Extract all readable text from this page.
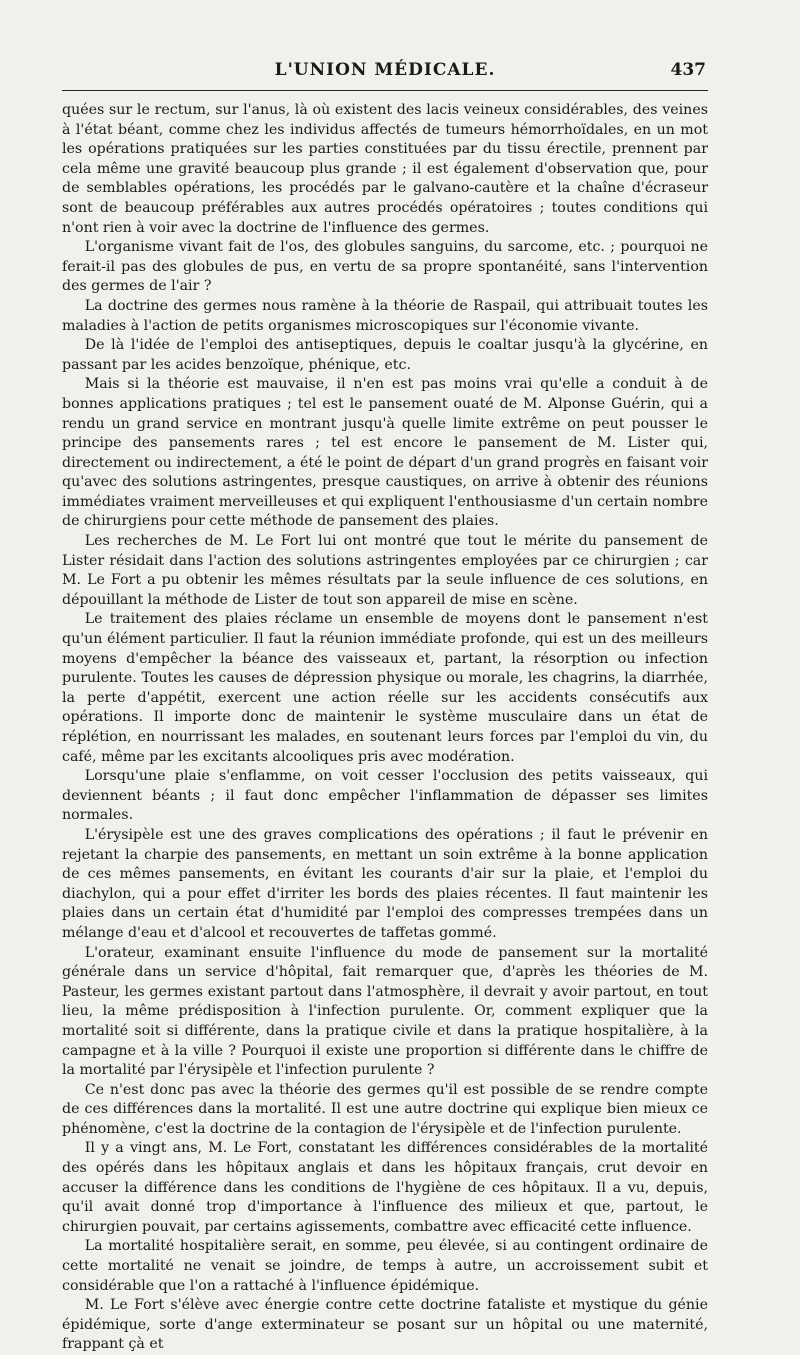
L'UNION MÉDICALE.	437

quées sur le rectum, sur l'anus, là où existent des lacis veineux considérables, des veines à l'état béant, comme chez les individus affectés de tumeurs hémorrhoïdales, en un mot les opérations pratiquées sur les parties constituées par du tissu érectile, prennent par cela même une gravité beaucoup plus grande ; il est également d'observation que, pour de semblables opérations, les procédés par le galvano-cautère et la chaîne d'écraseur sont de beaucoup préférables aux autres procédés opératoires ; toutes conditions qui n'ont rien à voir avec la doctrine de l'influence des germes.

L'organisme vivant fait de l'os, des globules sanguins, du sarcome, etc. ; pourquoi ne ferait-il pas des globules de pus, en vertu de sa propre spontanéité, sans l'intervention des germes de l'air ?

La doctrine des germes nous ramène à la théorie de Raspail, qui attribuait toutes les maladies à l'action de petits organismes microscopiques sur l'économie vivante.

De là l'idée de l'emploi des antiseptiques, depuis le coaltar jusqu'à la glycérine, en passant par les acides benzoïque, phénique, etc.

Mais si la théorie est mauvaise, il n'en est pas moins vrai qu'elle a conduit à de bonnes applications pratiques ; tel est le pansement ouaté de M. Alponse Guérin, qui a rendu un grand service en montrant jusqu'à quelle limite extrême on peut pousser le principe des pansements rares ; tel est encore le pansement de M. Lister qui, directement ou indirectement, a été le point de départ d'un grand progrès en faisant voir qu'avec des solutions astringentes, presque caustiques, on arrive à obtenir des réunions immédiates vraiment merveilleuses et qui expliquent l'enthousiasme d'un certain nombre de chirurgiens pour cette méthode de pansement des plaies.

Les recherches de M. Le Fort lui ont montré que tout le mérite du pansement de Lister résidait dans l'action des solutions astringentes employées par ce chirurgien ; car M. Le Fort a pu obtenir les mêmes résultats par la seule influence de ces solutions, en dépouillant la méthode de Lister de tout son appareil de mise en scène.

Le traitement des plaies réclame un ensemble de moyens dont le pansement n'est qu'un élément particulier. Il faut la réunion immédiate profonde, qui est un des meilleurs moyens d'empêcher la béance des vaisseaux et, partant, la résorption ou infection purulente. Toutes les causes de dépression physique ou morale, les chagrins, la diarrhée, la perte d'appétit, exercent une action réelle sur les accidents consécutifs aux opérations. Il importe donc de maintenir le système musculaire dans un état de réplétion, en nourrissant les malades, en soutenant leurs forces par l'emploi du vin, du café, même par les excitants alcooliques pris avec modération.

Lorsqu'une plaie s'enflamme, on voit cesser l'occlusion des petits vaisseaux, qui deviennent béants ; il faut donc empêcher l'inflammation de dépasser ses limites normales.

L'érysipèle est une des graves complications des opérations ; il faut le prévenir en rejetant la charpie des pansements, en mettant un soin extrême à la bonne application de ces mêmes pansements, en évitant les courants d'air sur la plaie, et l'emploi du diachylon, qui a pour effet d'irriter les bords des plaies récentes. Il faut maintenir les plaies dans un certain état d'humidité par l'emploi des compresses trempées dans un mélange d'eau et d'alcool et recouvertes de taffetas gommé.

L'orateur, examinant ensuite l'influence du mode de pansement sur la mortalité générale dans un service d'hôpital, fait remarquer que, d'après les théories de M. Pasteur, les germes existant partout dans l'atmosphère, il devrait y avoir partout, en tout lieu, la même prédisposition à l'infection purulente. Or, comment expliquer que la mortalité soit si différente, dans la pratique civile et dans la pratique hospitalière, à la campagne et à la ville ? Pourquoi il existe une proportion si différente dans le chiffre de la mortalité par l'érysipèle et l'infection purulente ?

Ce n'est donc pas avec la théorie des germes qu'il est possible de se rendre compte de ces différences dans la mortalité. Il est une autre doctrine qui explique bien mieux ce phénomène, c'est la doctrine de la contagion de l'érysipèle et de l'infection purulente.

Il y a vingt ans, M. Le Fort, constatant les différences considérables de la mortalité des opérés dans les hôpitaux anglais et dans les hôpitaux français, crut devoir en accuser la différence dans les conditions de l'hygiène de ces hôpitaux. Il a vu, depuis, qu'il avait donné trop d'importance à l'influence des milieux et que, partout, le chirurgien pouvait, par certains agissements, combattre avec efficacité cette influence.

La mortalité hospitalière serait, en somme, peu élevée, si au contingent ordinaire de cette mortalité ne venait se joindre, de temps à autre, un accroissement subit et considérable que l'on a rattaché à l'influence épidémique.

M. Le Fort s'élève avec énergie contre cette doctrine fataliste et mystique du génie épidémique, sorte d'ange exterminateur se posant sur un hôpital ou une maternité, frappant çà et
